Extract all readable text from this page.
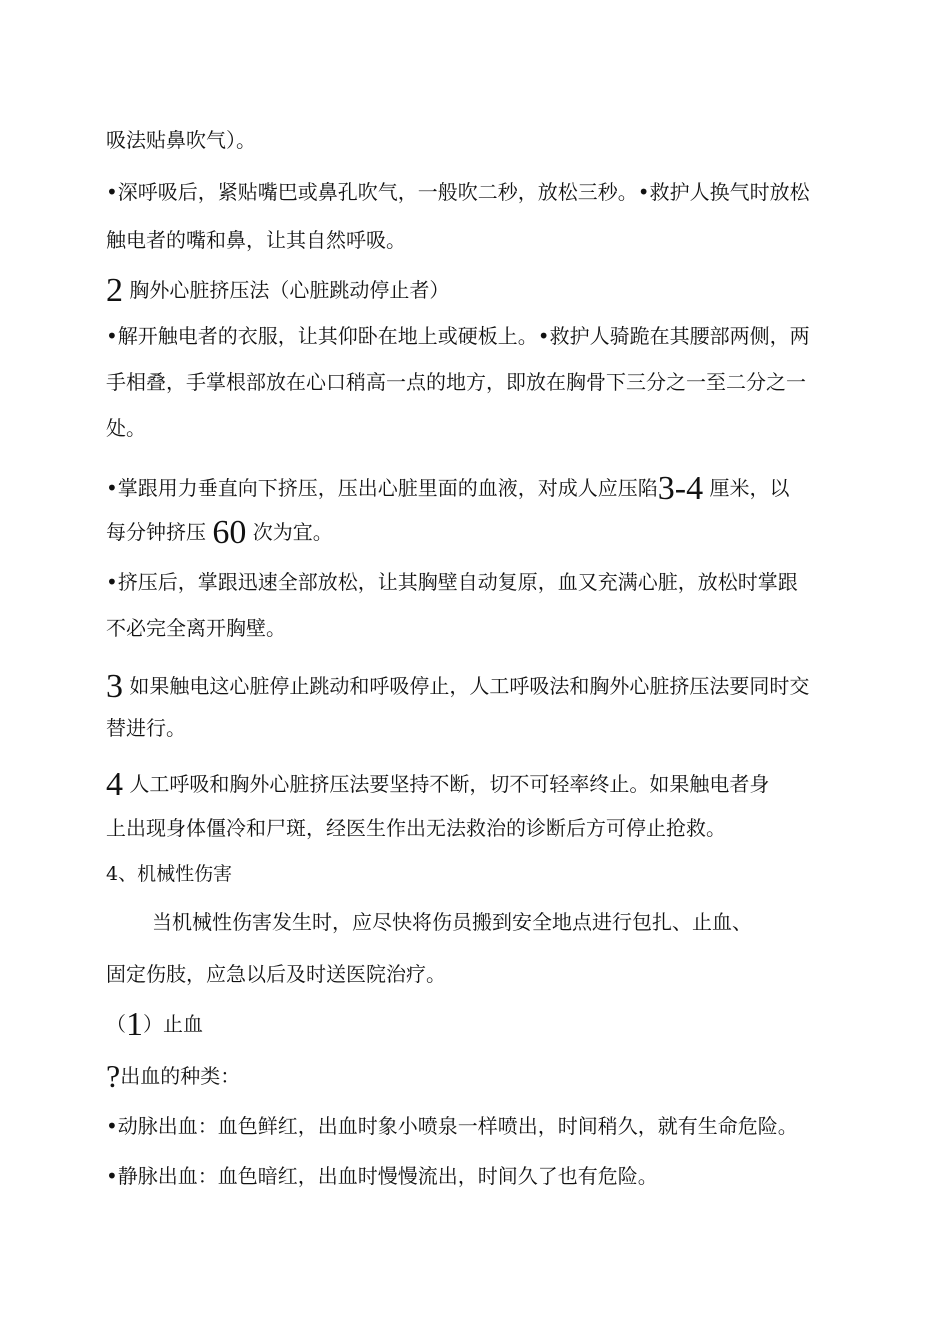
吸法贴鼻吹气）。
•深呼吸后，紧贴嘴巴或鼻孔吹气，一般吹二秒，放松三秒。•救护人换气时放松
触电者的嘴和鼻，让其自然呼吸。
2 胸外心脏挤压法（心脏跳动停止者）
•解开触电者的衣服，让其仰卧在地上或硬板上。•救护人骑跪在其腰部两侧，两
手相叠，手掌根部放在心口稍高一点的地方，即放在胸骨下三分之一至二分之一
处。
•掌跟用力垂直向下挤压，压出心脏里面的血液，对成人应压陷3-4 厘米，以
每分钟挤压 60 次为宜。
•挤压后，掌跟迅速全部放松，让其胸壁自动复原，血又充满心脏，放松时掌跟
不必完全离开胸壁。
3 如果触电这心脏停止跳动和呼吸停止，人工呼吸法和胸外心脏挤压法要同时交
替进行。
4 人工呼吸和胸外心脏挤压法要坚持不断，切不可轻率终止。如果触电者身
上出现身体僵冷和尸斑，经医生作出无法救治的诊断后方可停止抢救。
4、机械性伤害
当机械性伤害发生时，应尽快将伤员搬到安全地点进行包扎、止血、
固定伤肢，应急以后及时送医院治疗。
（1）止血
?出血的种类：
•动脉出血：血色鲜红，出血时象小喷泉一样喷出，时间稍久，就有生命危险。
•静脉出血：血色暗红，出血时慢慢流出，时间久了也有危险。
